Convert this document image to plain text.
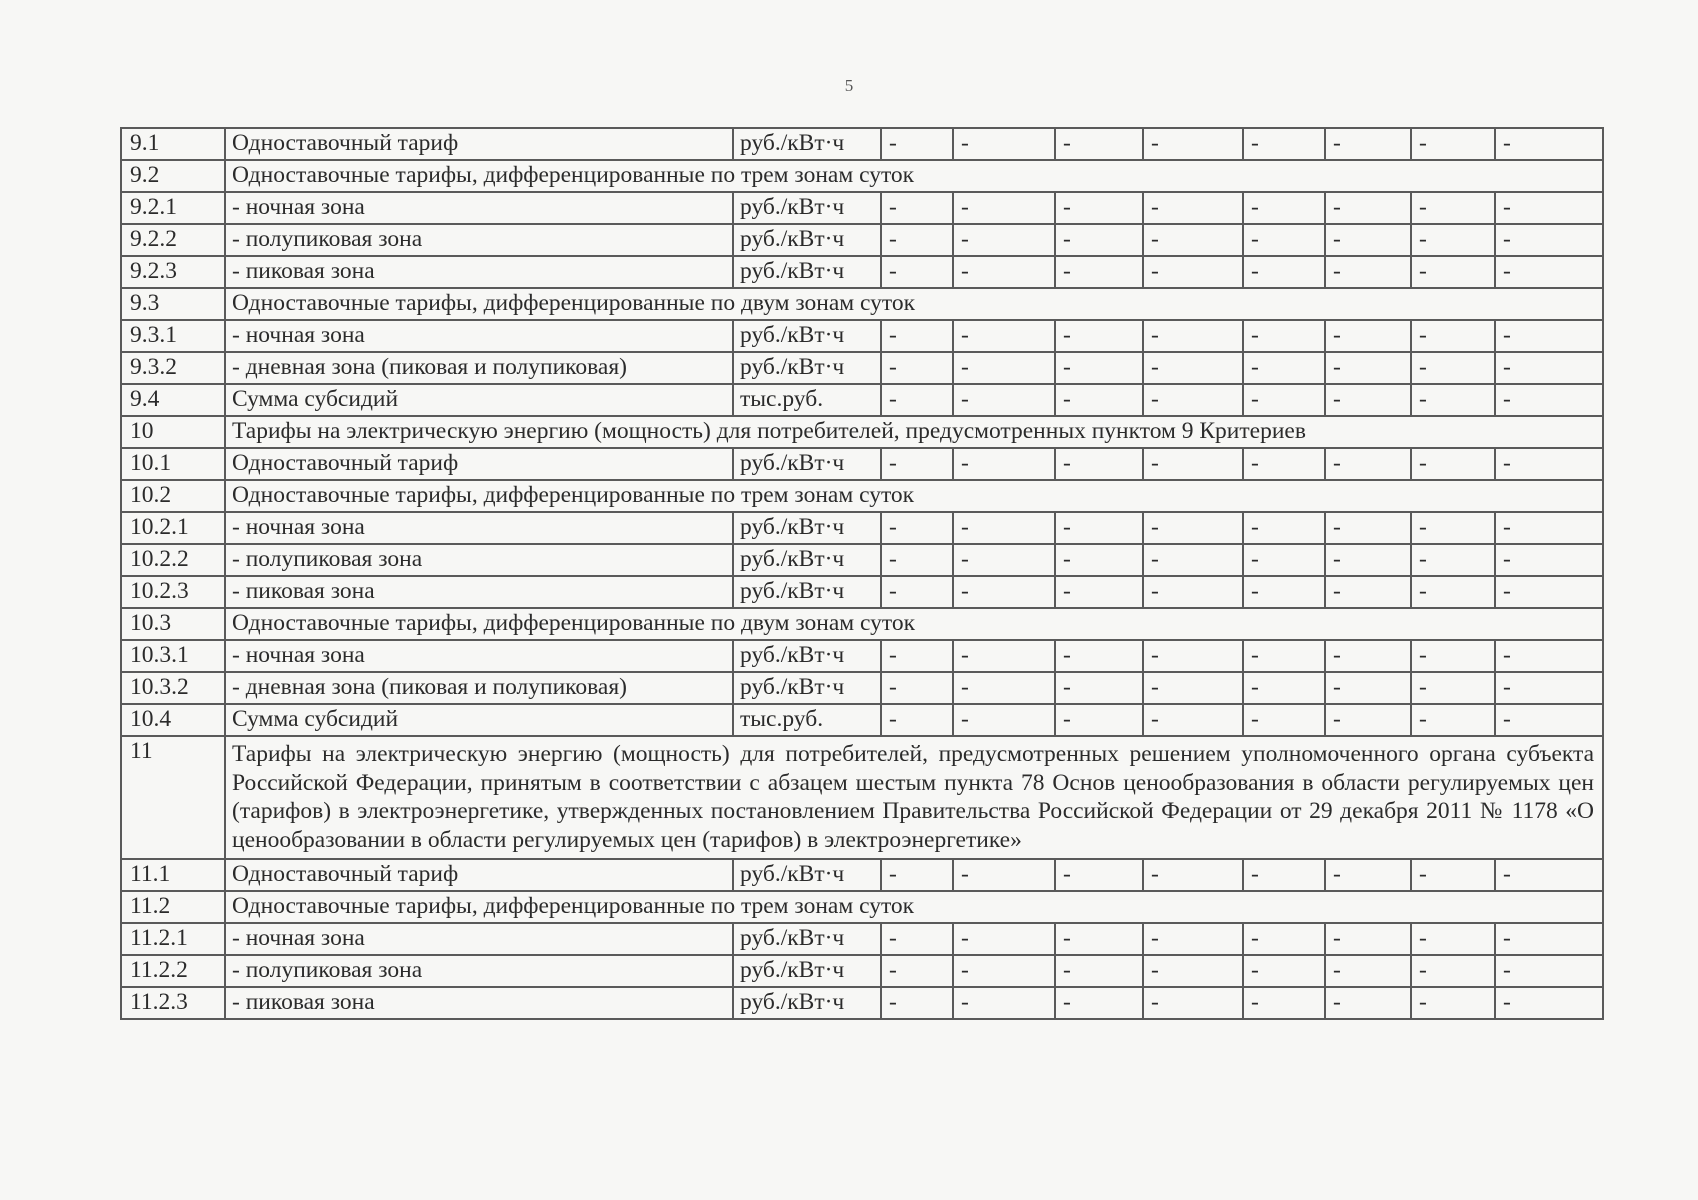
5
9.1	Одноставочный тариф	руб./кВт·ч	-	-	-	-	-	-	-	-
9.2	Одноставочные тарифы, дифференцированные по трем зонам суток									
9.2.1	- ночная зона	руб./кВт·ч	-	-	-	-	-	-	-	-
9.2.2	- полупиковая зона	руб./кВт·ч	-	-	-	-	-	-	-	-
9.2.3	- пиковая зона	руб./кВт·ч	-	-	-	-	-	-	-	-
9.3	Одноставочные тарифы, дифференцированные по двум зонам суток									
9.3.1	- ночная зона	руб./кВт·ч	-	-	-	-	-	-	-	-
9.3.2	- дневная зона (пиковая и полупиковая)	руб./кВт·ч	-	-	-	-	-	-	-	-
9.4	Сумма субсидий	тыс.руб.	-	-	-	-	-	-	-	-
10	Тарифы на электрическую энергию (мощность) для потребителей, предусмотренных пунктом 9 Критериев									
10.1	Одноставочный тариф	руб./кВт·ч	-	-	-	-	-	-	-	-
10.2	Одноставочные тарифы, дифференцированные по трем зонам суток									
10.2.1	- ночная зона	руб./кВт·ч	-	-	-	-	-	-	-	-
10.2.2	- полупиковая зона	руб./кВт·ч	-	-	-	-	-	-	-	-
10.2.3	- пиковая зона	руб./кВт·ч	-	-	-	-	-	-	-	-
10.3	Одноставочные тарифы, дифференцированные по двум зонам суток									
10.3.1	- ночная зона	руб./кВт·ч	-	-	-	-	-	-	-	-
10.3.2	- дневная зона (пиковая и полупиковая)	руб./кВт·ч	-	-	-	-	-	-	-	-
10.4	Сумма субсидий	тыс.руб.	-	-	-	-	-	-	-	-
11	Тарифы на электрическую энергию (мощность) для потребителей, предусмотренных решением уполномоченного органа субъекта Российской Федерации, принятым в соответствии с абзацем шестым пункта 78 Основ ценообразования в области регулируемых цен (тарифов) в электроэнергетике, утвержденных постановлением Правительства Российской Федерации от 29 декабря 2011 № 1178 «О ценообразовании в области регулируемых цен (тарифов) в электроэнергетике»									
11.1	Одноставочный тариф	руб./кВт·ч	-	-	-	-	-	-	-	-
11.2	Одноставочные тарифы, дифференцированные по трем зонам суток									
11.2.1	- ночная зона	руб./кВт·ч	-	-	-	-	-	-	-	-
11.2.2	- полупиковая зона	руб./кВт·ч	-	-	-	-	-	-	-	-
11.2.3	- пиковая зона	руб./кВт·ч	-	-	-	-	-	-	-	-
